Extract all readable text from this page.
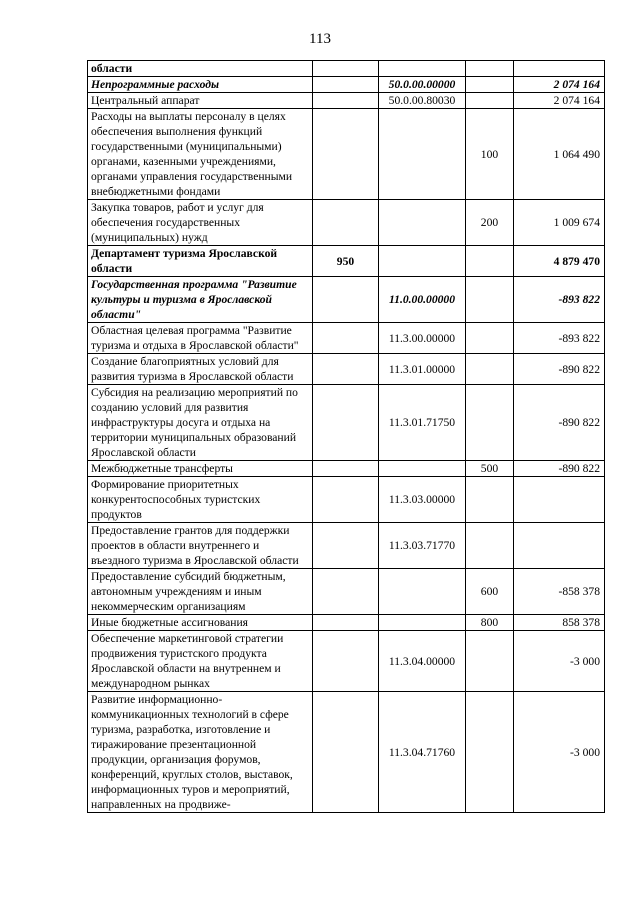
113
области				
Непрограммные расходы		50.0.00.00000		2 074 164
Центральный аппарат		50.0.00.80030		2 074 164
Расходы на выплаты персоналу в целях обеспечения выполнения функций государственными (муниципальными) органами, казенными учреждениями, органами управления государственными внебюджетными фондами			100	1 064 490
Закупка товаров, работ и услуг для обеспечения государственных (муниципальных) нужд			200	1 009 674
Департамент туризма Ярославской области	950			4 879 470
Государственная программа "Развитие культуры и туризма в Ярославской области"		11.0.00.00000		-893 822
Областная целевая программа "Развитие туризма и отдыха в Ярославской области"		11.3.00.00000		-893 822
Создание благоприятных условий для развития туризма в Ярославской области		11.3.01.00000		-890 822
Субсидия на реализацию мероприятий по созданию условий для развития инфраструктуры досуга и отдыха на территории муниципальных образований Ярославской области		11.3.01.71750		-890 822
Межбюджетные трансферты			500	-890 822
Формирование приоритетных конкурентоспособных туристских продуктов		11.3.03.00000		
Предоставление грантов для поддержки проектов в области внутреннего и въездного туризма в Ярославской области		11.3.03.71770		
Предоставление субсидий бюджетным, автономным учреждениям и иным некоммерческим организациям			600	-858 378
Иные бюджетные ассигнования			800	858 378
Обеспечение маркетинговой стратегии продвижения туристского продукта Ярославской области на внутреннем и международном рынках		11.3.04.00000		-3 000
Развитие информационно-коммуникационных технологий в сфере туризма, разработка, изготовление и тиражирование презентационной продукции, организация форумов, конференций, круглых столов, выставок, информационных туров и мероприятий, направленных на продвиже-		11.3.04.71760		-3 000
